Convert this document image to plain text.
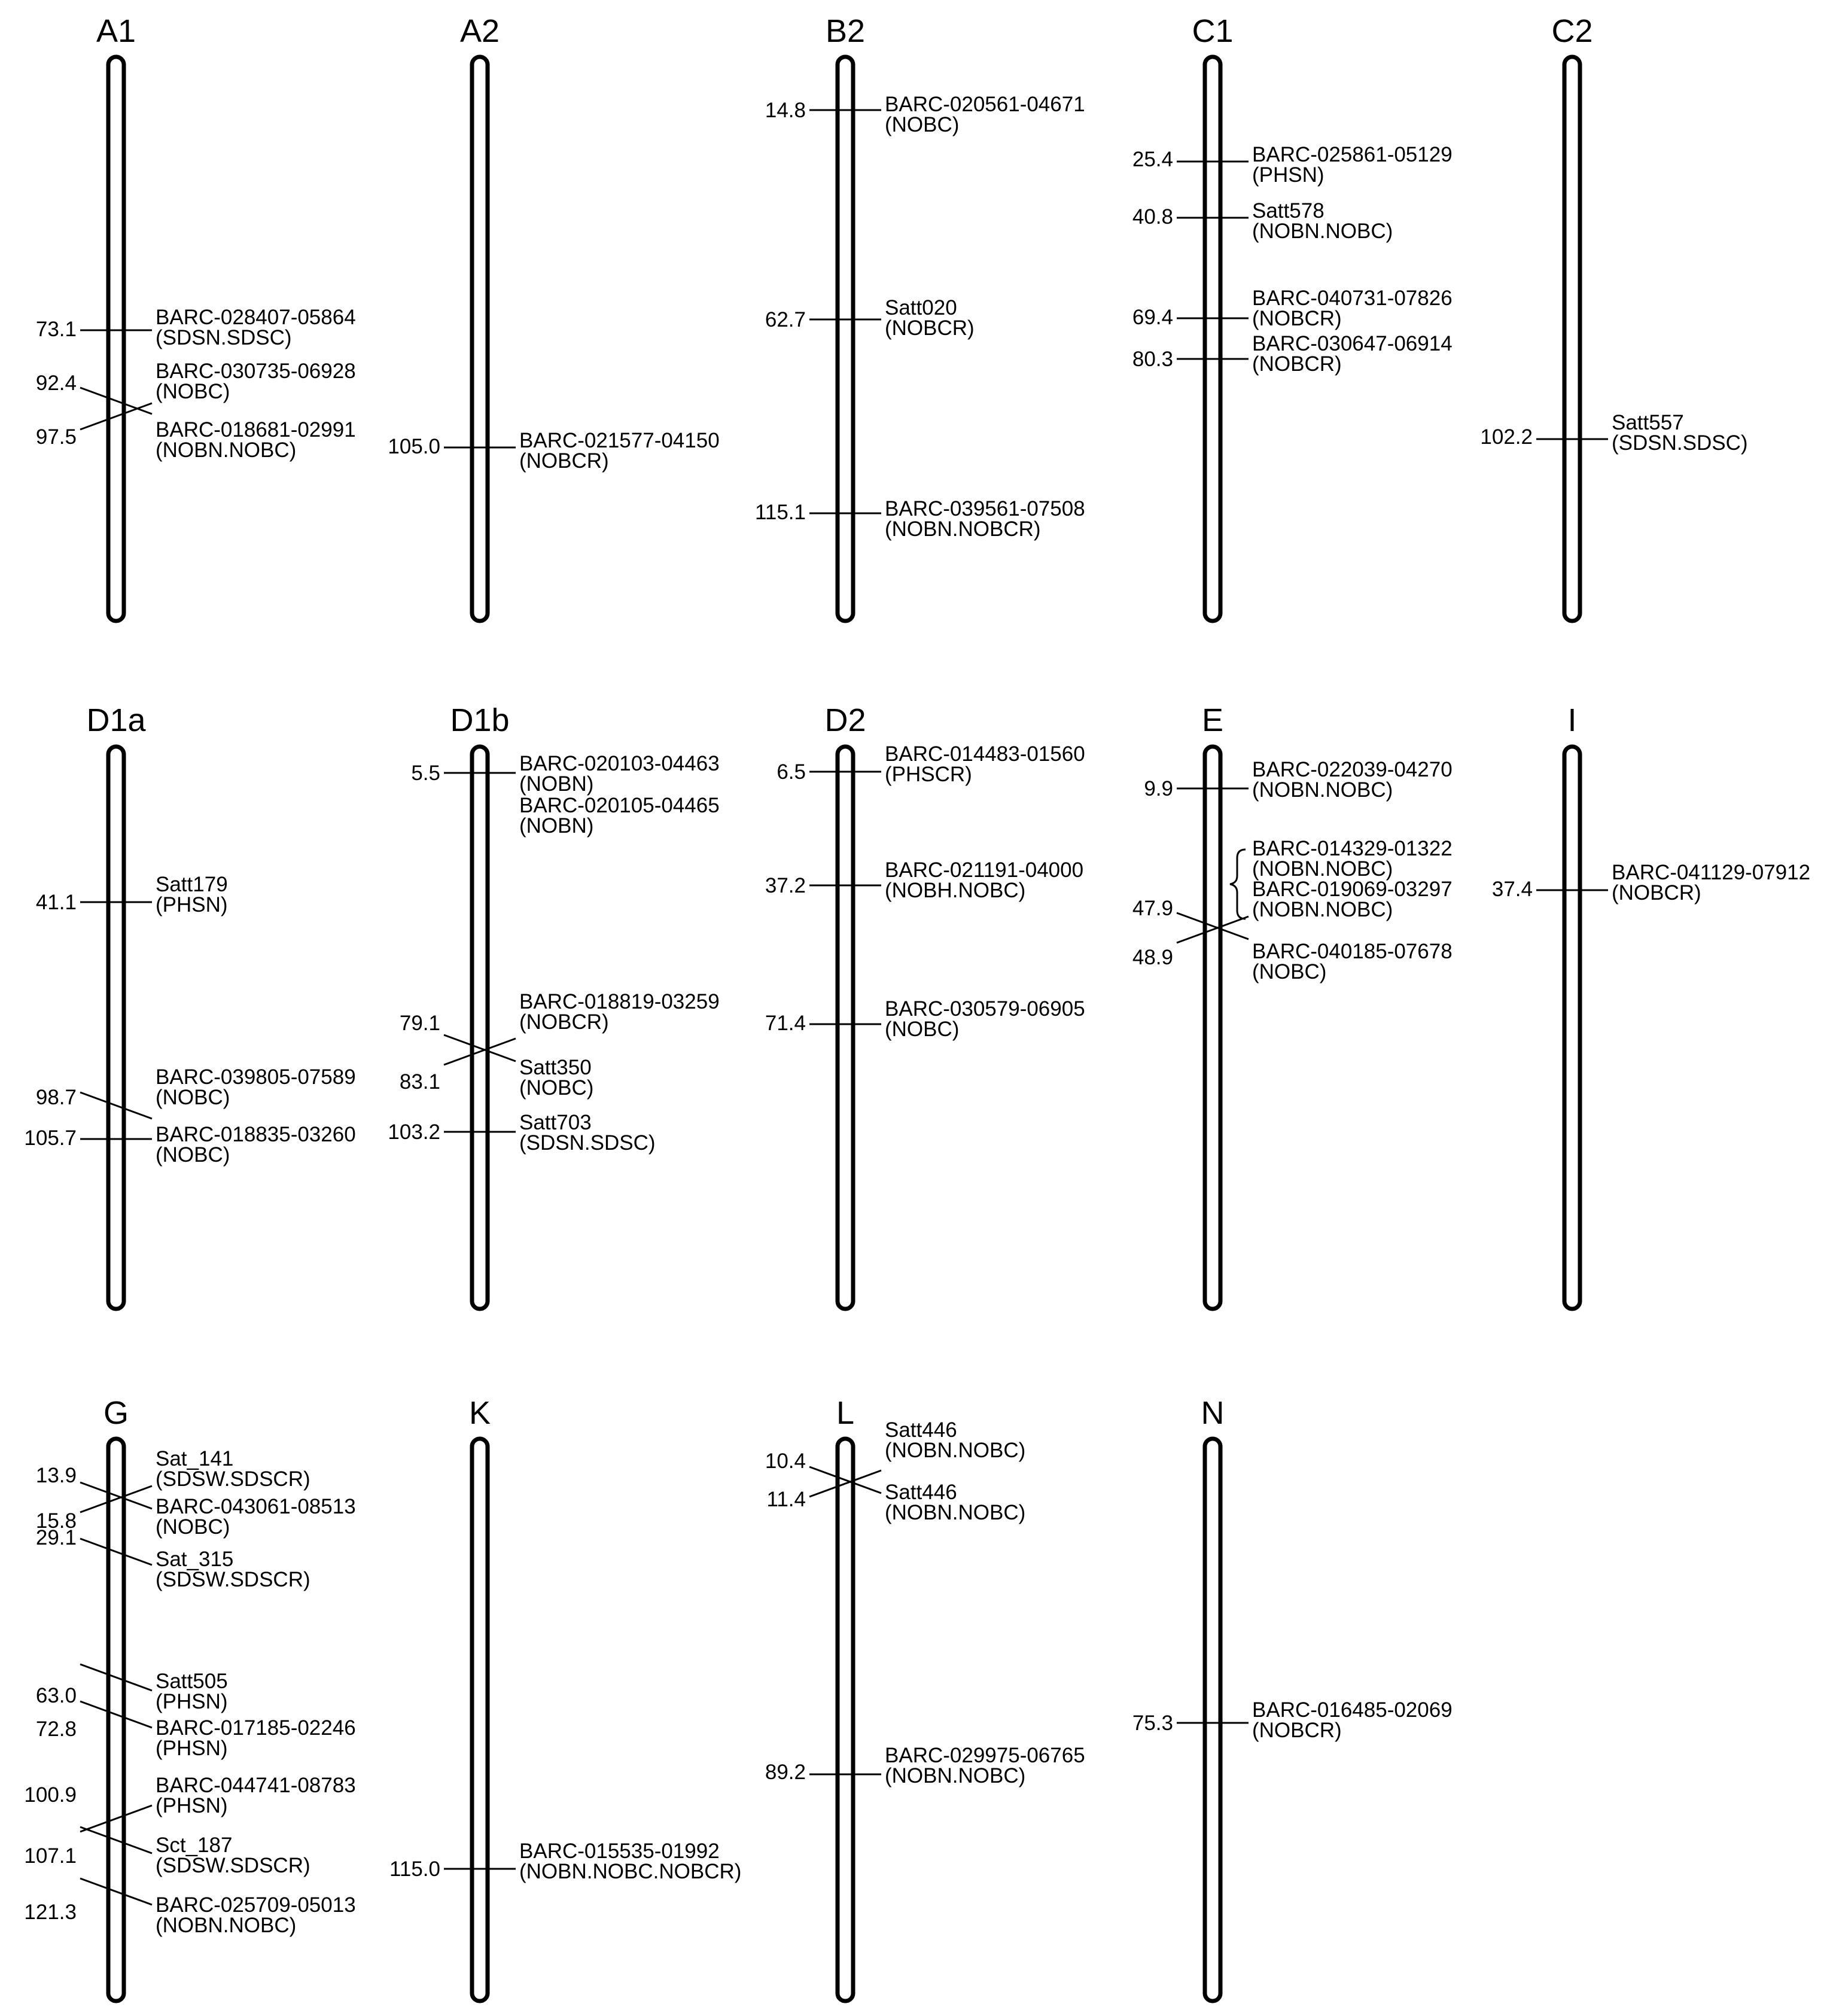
A1
73.1
BARC-028407-05864
(SDSN.SDSC)
92.4
BARC-030735-06928
(NOBC)
97.5	BARC-018681-02991
(NOBN.NOBC)
A2
105.0	BARC-021577-04150
(NOBCR)
B2
14.8	BARC-020561-04671
(NOBC)
62.7
Satt020
(NOBCR)
115.1	BARC-039561-07508
(NOBN.NOBCR)
C1
25.4	BARC-025861-05129
(PHSN)
40.8	Satt578
(NOBN.NOBC)
69.4
BARC-040731-07826
(NOBCR)
80.3
BARC-030647-06914
(NOBCR)
C2
102.2
Satt557
(SDSN.SDSC)
D1a
41.1
Satt179
(PHSN)
98.7
BARC-039805-07589
(NOBC)
105.7	BARC-018835-03260
(NOBC)
D1b
5.5	BARC-020103-04463
(NOBN)
BARC-020105-04465
(NOBN)
79.1
BARC-018819-03259
(NOBCR)
83.1
Satt350
(NOBC)
103.2	Satt703
(SDSN.SDSC)
D2
6.5
BARC-014483-01560
(PHSCR)
37.2
BARC-021191-04000
(NOBH.NOBC)
71.4
BARC-030579-06905
(NOBC)
E
9.9
BARC-022039-04270
(NOBN.NOBC)
47.9
BARC-014329-01322
(NOBN.NOBC)
BARC-019069-03297
(NOBN.NOBC)
48.9	BARC-040185-07678
(NOBC)
I
37.4
BARC-041129-07912
(NOBCR)
G
13.9
Sat_141
(SDSW.SDSCR)
15.8
BARC-043061-08513
(NOBC)
29.1
Sat_315
(SDSW.SDSCR)
63.0
Satt505
(PHSN)
72.8	BARC-017185-02246
(PHSN)
100.9	BARC-044741-08783
(PHSN)
107.1	Sct_187
(SDSW.SDSCR)
121.3	BARC-025709-05013
(NOBN.NOBC)
K
115.0
BARC-015535-01992
(NOBN.NOBC.NOBCR)
L
10.4
Satt446
(NOBN.NOBC)
11.4	Satt446
(NOBN.NOBC)
89.2
BARC-029975-06765
(NOBN.NOBC)
N
75.3
BARC-016485-02069
(NOBCR)
